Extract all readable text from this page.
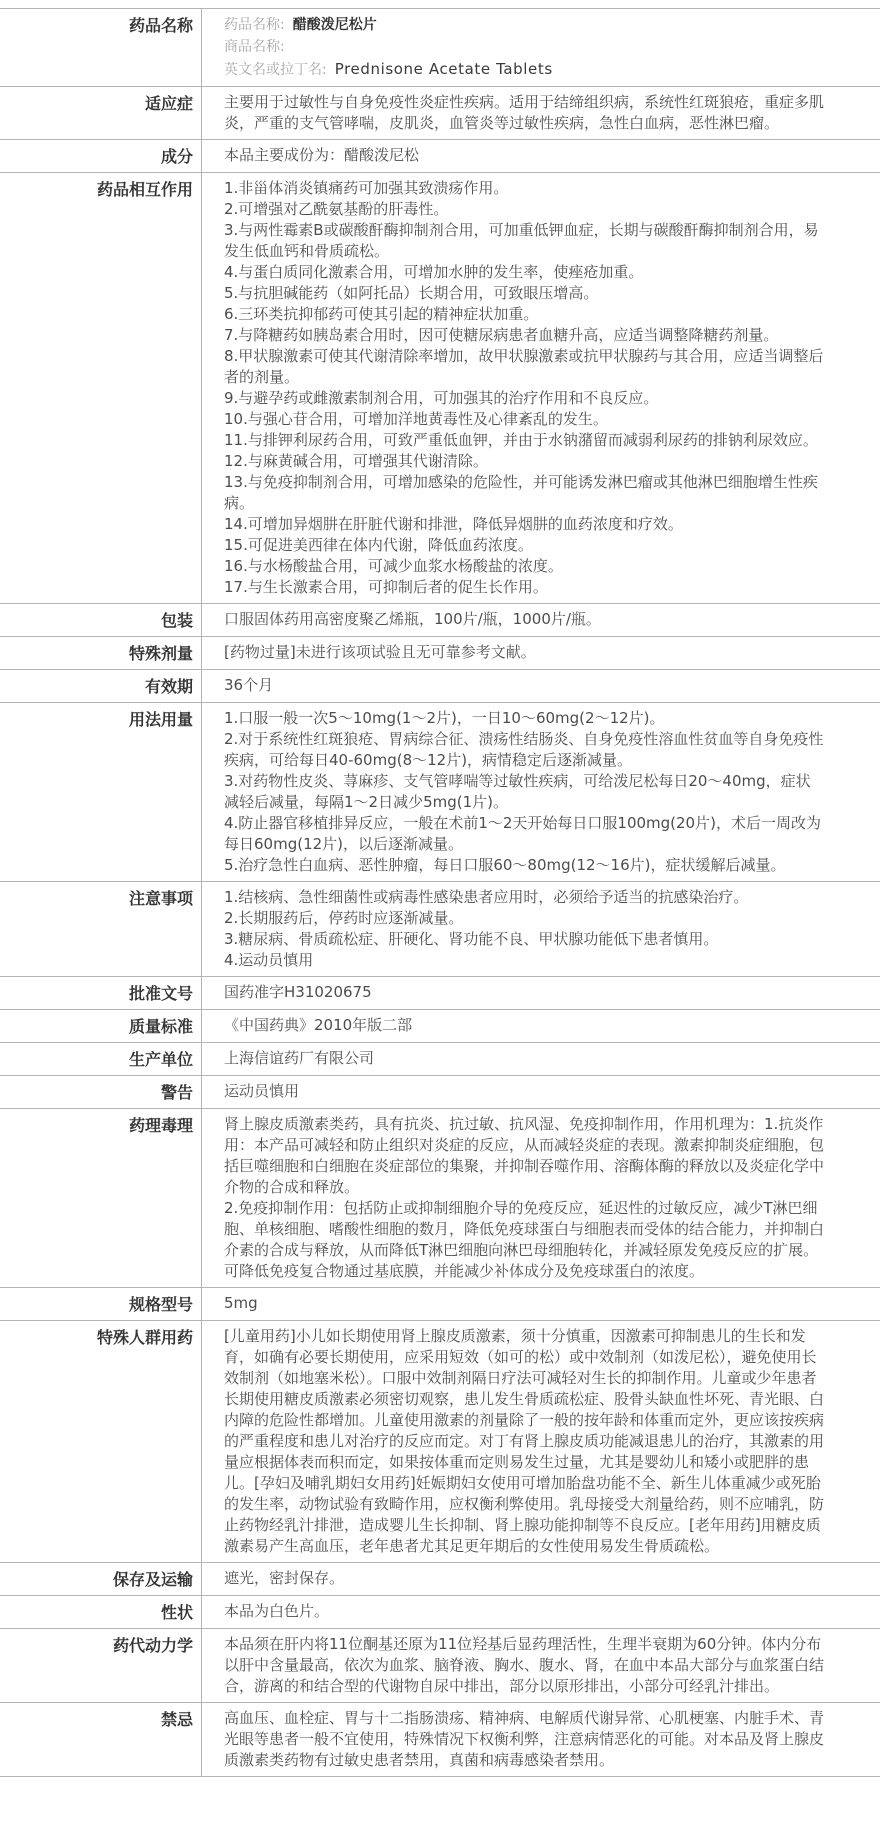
药品名称	药品名称: 醋酸泼尼松片

商品名称:

英文名或拉丁名: Prednisone Acetate Tablets

适应症	主要用于过敏性与自身免疫性炎症性疾病。适用于结缔组织病，系统性红斑狼疮，重症多肌炎，严重的支气管哮喘，皮肌炎，血管炎等过敏性疾病，急性白血病，恶性淋巴瘤。

成分	本品主要成份为：醋酸泼尼松

药品相互作用	1.非甾体消炎镇痛药可加强其致溃疡作用。

2.可增强对乙酰氨基酚的肝毒性。

3.与两性霉素B或碳酸酐酶抑制剂合用，可加重低钾血症，长期与碳酸酐酶抑制剂合用，易发生低血钙和骨质疏松。

4.与蛋白质同化激素合用，可增加水肿的发生率，使痤疮加重。

5.与抗胆碱能药（如阿托品）长期合用，可致眼压增高。

6.三环类抗抑郁药可使其引起的精神症状加重。

7.与降糖药如胰岛素合用时，因可使糖尿病患者血糖升高，应适当调整降糖药剂量。

8.甲状腺激素可使其代谢清除率增加，故甲状腺激素或抗甲状腺药与其合用，应适当调整后者的剂量。

9.与避孕药或雌激素制剂合用，可加强其的治疗作用和不良反应。

10.与强心苷合用，可增加洋地黄毒性及心律紊乱的发生。

11.与排钾利尿药合用，可致严重低血钾，并由于水钠潴留而减弱利尿药的排钠利尿效应。

12.与麻黄碱合用，可增强其代谢清除。

13.与免疫抑制剂合用，可增加感染的危险性，并可能诱发淋巴瘤或其他淋巴细胞增生性疾病。

14.可增加异烟肼在肝脏代谢和排泄，降低异烟肼的血药浓度和疗效。

15.可促进美西律在体内代谢，降低血药浓度。

16.与水杨酸盐合用，可减少血浆水杨酸盐的浓度。

17.与生长激素合用，可抑制后者的促生长作用。

包装	口服固体药用高密度聚乙烯瓶，100片/瓶，1000片/瓶。

特殊剂量	[药物过量]未进行该项试验且无可靠参考文献。

有效期	36个月

用法用量	1.口服一般一次5～10mg(1～2片)，一日10～60mg(2～12片)。

2.对于系统性红斑狼疮、胃病综合征、溃疡性结肠炎、自身免疫性溶血性贫血等自身免疫性疾病，可给每日40-60mg(8～12片)，病情稳定后逐渐减量。

3.对药物性皮炎、荨麻疹、支气管哮喘等过敏性疾病，可给泼尼松每日20～40mg，症状减轻后减量，每隔1～2日减少5mg(1片)。

4.防止器官移植排异反应，一般在术前1～2天开始每日口服100mg(20片)，术后一周改为每日60mg(12片)，以后逐渐减量。

5.治疗急性白血病、恶性肿瘤，每日口服60～80mg(12～16片)，症状缓解后减量。

注意事项	1.结核病、急性细菌性或病毒性感染患者应用时，必须给予适当的抗感染治疗。

2.长期服药后，停药时应逐渐减量。

3.糖尿病、骨质疏松症、肝硬化、肾功能不良、甲状腺功能低下患者慎用。

4.运动员慎用

批准文号	国药准字H31020675

质量标准	《中国药典》2010年版二部

生产单位	上海信谊药厂有限公司

警告	运动员慎用

药理毒理	肾上腺皮质激素类药，具有抗炎、抗过敏、抗风湿、免疫抑制作用，作用机理为：1.抗炎作用：本产品可减轻和防止组织对炎症的反应，从而减轻炎症的表现。激素抑制炎症细胞，包括巨噬细胞和白细胞在炎症部位的集聚，并抑制吞噬作用、溶酶体酶的释放以及炎症化学中介物的合成和释放。

2.免疫抑制作用：包括防止或抑制细胞介导的免疫反应，延迟性的过敏反应，减少T淋巴细胞、单核细胞、嗜酸性细胞的数月，降低免疫球蛋白与细胞表而受体的结合能力，并抑制白介素的合成与释放，从而降低T淋巴细胞向淋巴母细胞转化，并减轻原发免疫反应的扩展。可降低免疫复合物通过基底膜，并能减少补体成分及免疫球蛋白的浓度。

规格型号	5mg

特殊人群用药	[儿童用药]小儿如长期使用肾上腺皮质激素，须十分慎重，因激素可抑制患儿的生长和发育，如确有必要长期使用，应采用短效（如可的松）或中效制剂（如泼尼松），避免使用长效制剂（如地塞米松）。口服中效制剂隔日疗法可减轻对生长的抑制作用。儿童或少年患者长期使用糖皮质激素必须密切观察，患儿发生骨质疏松症、股骨头缺血性坏死、青光眼、白内障的危险性都增加。儿童使用激素的剂量除了一般的按年龄和体重而定外，更应该按疾病的严重程度和患儿对治疗的反应而定。对丁有肾上腺皮质功能减退患儿的治疗，其激素的用量应根据体表而积而定，如果按体重而定则易发生过量，尤其是婴幼儿和矮小或肥胖的患儿。[孕妇及哺乳期妇女用药]妊娠期妇女使用可增加胎盘功能不全、新生儿体重减少或死胎的发生率，动物试验有致畸作用，应权衡利弊使用。乳母接受大剂量给药，则不应哺乳，防止药物经乳汁排泄，造成婴儿生长抑制、肾上腺功能抑制等不良反应。[老年用药]用糖皮质激素易产生高血压，老年患者尤其足更年期后的女性使用易发生骨质疏松。

保存及运输	遮光，密封保存。

性状	本品为白色片。

药代动力学	本品须在肝内将11位酮基还原为11位羟基后显药理活性，生理半衰期为60分钟。体内分布以肝中含量最高，依次为血浆、脑脊液、胸水、腹水、肾，在血中本品大部分与血浆蛋白结合，游离的和结合型的代谢物自尿中排出，部分以原形排出，小部分可经乳汁排出。

禁忌	高血压、血栓症、胃与十二指肠溃疡、精神病、电解质代谢异常、心肌梗塞、内脏手术、青光眼等患者一般不宜使用，特殊情况下权衡利弊，注意病情恶化的可能。对本品及肾上腺皮质激素类药物有过敏史患者禁用，真菌和病毒感染者禁用。
